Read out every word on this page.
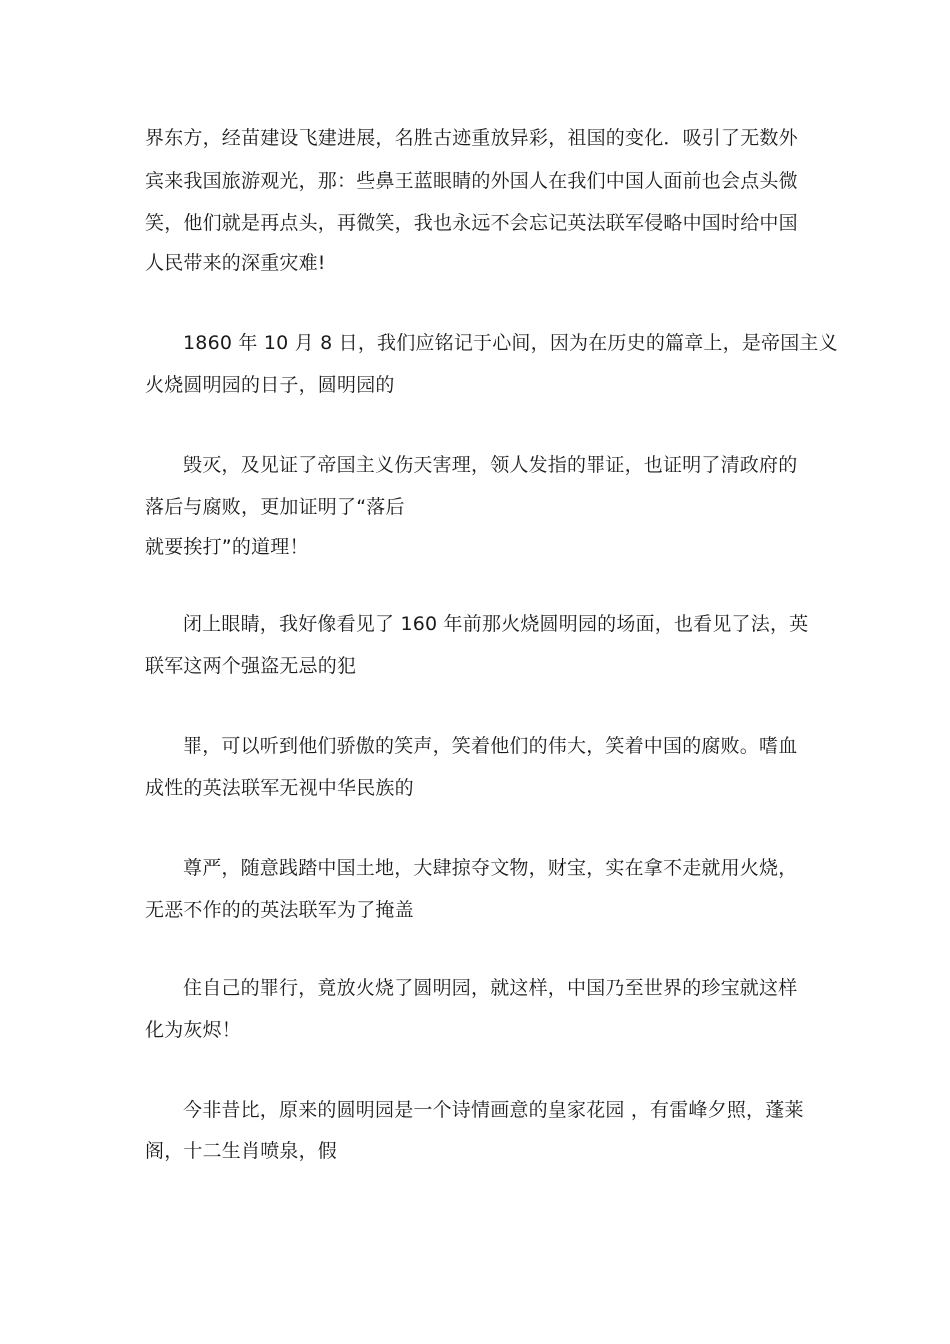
界东方，经苗建设飞建进展，名胜古迹重放异彩，祖国的变化．吸引了无数外
宾来我国旅游观光，那：些鼻王蓝眼睛的外国人在我们中国人面前也会点头微
笑，他们就是再点头，再微笑，我也永远不会忘记英法联军侵略中国时给中国
人民带来的深重灾难!
1860 年 10 月 8 日，我们应铭记于心间，因为在历史的篇章上，是帝国主义
火烧圆明园的日子，圆明园的
毁灭，及见证了帝国主义伤天害理，领人发指的罪证，也证明了清政府的
落后与腐败，更加证明了“落后
就要挨打”的道理！
闭上眼睛，我好像看见了 160 年前那火烧圆明园的场面，也看见了法，英
联军这两个强盗无忌的犯
罪，可以听到他们骄傲的笑声，笑着他们的伟大，笑着中国的腐败。嗜血
成性的英法联军无视中华民族的
尊严，随意践踏中国土地，大肆掠夺文物，财宝，实在拿不走就用火烧，
无恶不作的的英法联军为了掩盖
住自己的罪行，竟放火烧了圆明园，就这样，中国乃至世界的珍宝就这样
化为灰烬！
今非昔比，原来的圆明园是一个诗情画意的皇家花园 ，有雷峰夕照，蓬莱
阁，十二生肖喷泉，假
